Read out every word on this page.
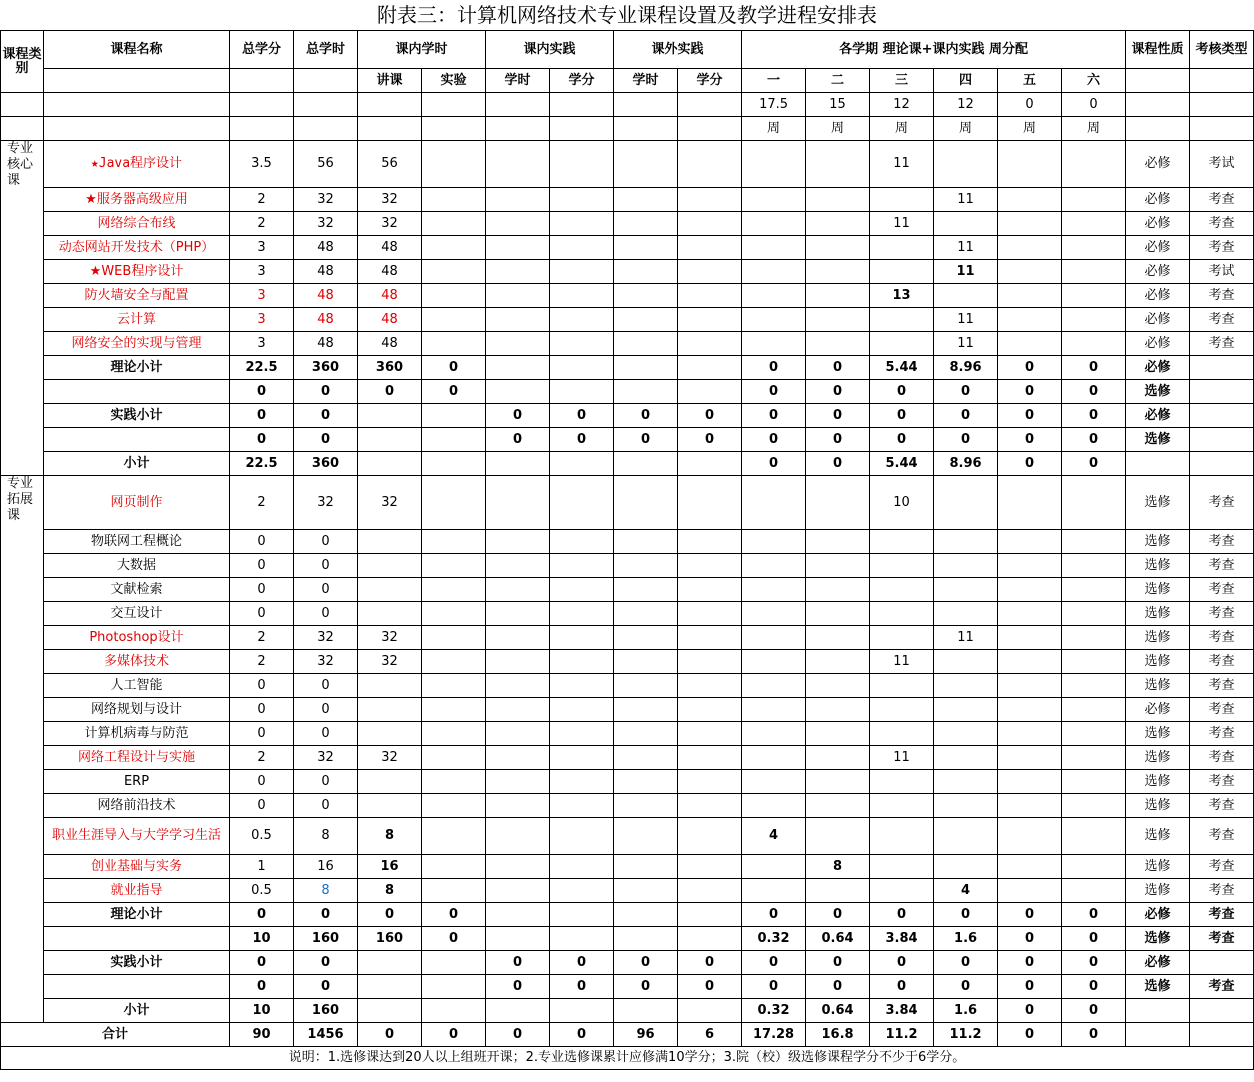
附表三：计算机网络技术专业课程设置及教学进程安排表
课程类别	课程名称	总学分	总学时	课内学时		课内实践		课外实践		各学期 理论课+课内实践 周分配						课程性质	考核类型
				讲课	实验	学时	学分	学时	学分	一	二	三	四	五	六		
										17.5	15	12	12	0	0		
										周	周	周	周	周	周		
专业核心课	★Java程序设计	3.5	56	56								11				必修	考试
	★服务器高级应用	2	32	32									11			必修	考查
	网络综合布线	2	32	32								11				必修	考查
	动态网站开发技术（PHP）	3	48	48									11			必修	考查
	★WEB程序设计	3	48	48									11			必修	考试
	防火墙安全与配置	3	48	48								13				必修	考查
	云计算	3	48	48									11			必修	考查
	网络安全的实现与管理	3	48	48									11			必修	考查
	理论小计	22.5	360	360	0					0	0	5.44	8.96	0	0	必修	
		0	0	0	0					0	0	0	0	0	0	选修	
	实践小计	0	0			0	0	0	0	0	0	0	0	0	0	必修	
		0	0			0	0	0	0	0	0	0	0	0	0	选修	
	小计	22.5	360							0	0	5.44	8.96	0	0		
专业拓展课	网页制作	2	32	32								10				选修	考查
	物联网工程概论	0	0													选修	考查
	大数据	0	0													选修	考查
	文献检索	0	0													选修	考查
	交互设计	0	0													选修	考查
	Photoshop设计	2	32	32									11			选修	考查
	多媒体技术	2	32	32								11				选修	考查
	人工智能	0	0													选修	考查
	网络规划与设计	0	0													必修	考查
	计算机病毒与防范	0	0													选修	考查
	网络工程设计与实施	2	32	32								11				选修	考查
	ERP	0	0													选修	考查
	网络前沿技术	0	0													选修	考查
	职业生涯导入与大学学习生活	0.5	8	8						4						选修	考查
	创业基础与实务	1	16	16							8					选修	考查
	就业指导	0.5	8	8									4			选修	考查
	理论小计	0	0	0	0					0	0	0	0	0	0	必修	考查
		10	160	160	0					0.32	0.64	3.84	1.6	0	0	选修	考查
	实践小计	0	0			0	0	0	0	0	0	0	0	0	0	必修	
		0	0			0	0	0	0	0	0	0	0	0	0	选修	考查
	小计	10	160							0.32	0.64	3.84	1.6	0	0		
合计		90	1456	0	0	0	0	96	6	17.28	16.8	11.2	11.2	0	0		
说明：1.选修课达到20人以上组班开课；2.专业选修课累计应修满10学分；3.院（校）级选修课程学分不少于6学分。
